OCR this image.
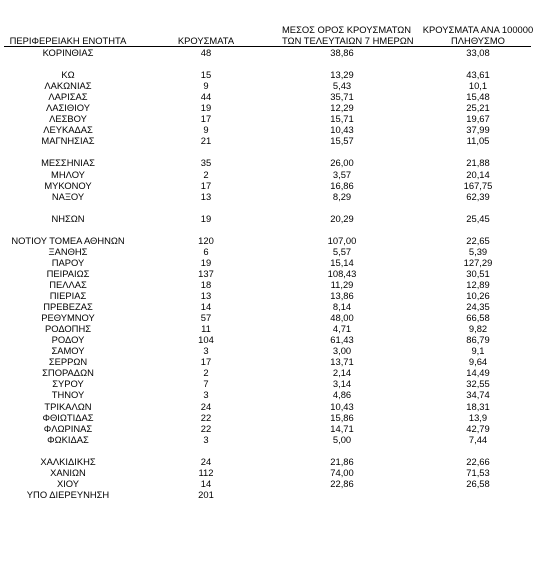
ΠΕΡΙΦΕΡΕΙΑΚΗ ΕΝΟΤΗΤΑ	ΚΡΟΥΣΜΑΤΑ
ΜΕΣΟΣ ΟΡΟΣ ΚΡΟΥΣΜΑΤΩΝ
ΤΩΝ ΤΕΛΕΥΤΑΙΩΝ 7 ΗΜΕΡΩΝ
ΚΡΟΥΣΜΑΤΑ ΑΝΑ 100000
ΠΛΗΘΥΣΜΟ
ΚΟΡΙΝΘΙΑΣ	48	38,86	33,08
ΚΩ	15	13,29	43,61
ΛΑΚΩΝΙΑΣ	9	5,43	10,1
ΛΑΡΙΣΑΣ	44	35,71	15,48
ΛΑΣΙΘΙΟΥ	19	12,29	25,21
ΛΕΣΒΟΥ	17	15,71	19,67
ΛΕΥΚΑΔΑΣ	9	10,43	37,99
ΜΑΓΝΗΣΙΑΣ	21	15,57	11,05
ΜΕΣΣΗΝΙΑΣ	35	26,00	21,88
ΜΗΛΟΥ	2	3,57	20,14
ΜΥΚΟΝΟΥ	17	16,86	167,75
ΝΑΞΟΥ	13	8,29	62,39
ΝΗΣΩΝ	19	20,29	25,45
ΝΟΤΙΟΥ ΤΟΜΕΑ ΑΘΗΝΩΝ	120	107,00	22,65
ΞΑΝΘΗΣ	6	5,57	5,39
ΠΑΡΟΥ	19	15,14	127,29
ΠΕΙΡΑΙΩΣ	137	108,43	30,51
ΠΕΛΛΑΣ	18	11,29	12,89
ΠΙΕΡΙΑΣ	13	13,86	10,26
ΠΡΕΒΕΖΑΣ	14	8,14	24,35
ΡΕΘΥΜΝΟΥ	57	48,00	66,58
ΡΟΔΟΠΗΣ	11	4,71	9,82
ΡΟΔΟΥ	104	61,43	86,79
ΣΑΜΟΥ	3	3,00	9,1
ΣΕΡΡΩΝ	17	13,71	9,64
ΣΠΟΡΑΔΩΝ	2	2,14	14,49
ΣΥΡΟΥ	7	3,14	32,55
ΤΗΝΟΥ	3	4,86	34,74
ΤΡΙΚΑΛΩΝ	24	10,43	18,31
ΦΘΙΩΤΙΔΑΣ	22	15,86	13,9
ΦΛΩΡΙΝΑΣ	22	14,71	42,79
ΦΩΚΙΔΑΣ	3	5,00	7,44
ΧΑΛΚΙΔΙΚΗΣ	24	21,86	22,66
ΧΑΝΙΩΝ	112	74,00	71,53
ΧΙΟΥ	14	22,86	26,58
ΥΠΟ ΔΙΕΡΕΥΝΗΣΗ	201
